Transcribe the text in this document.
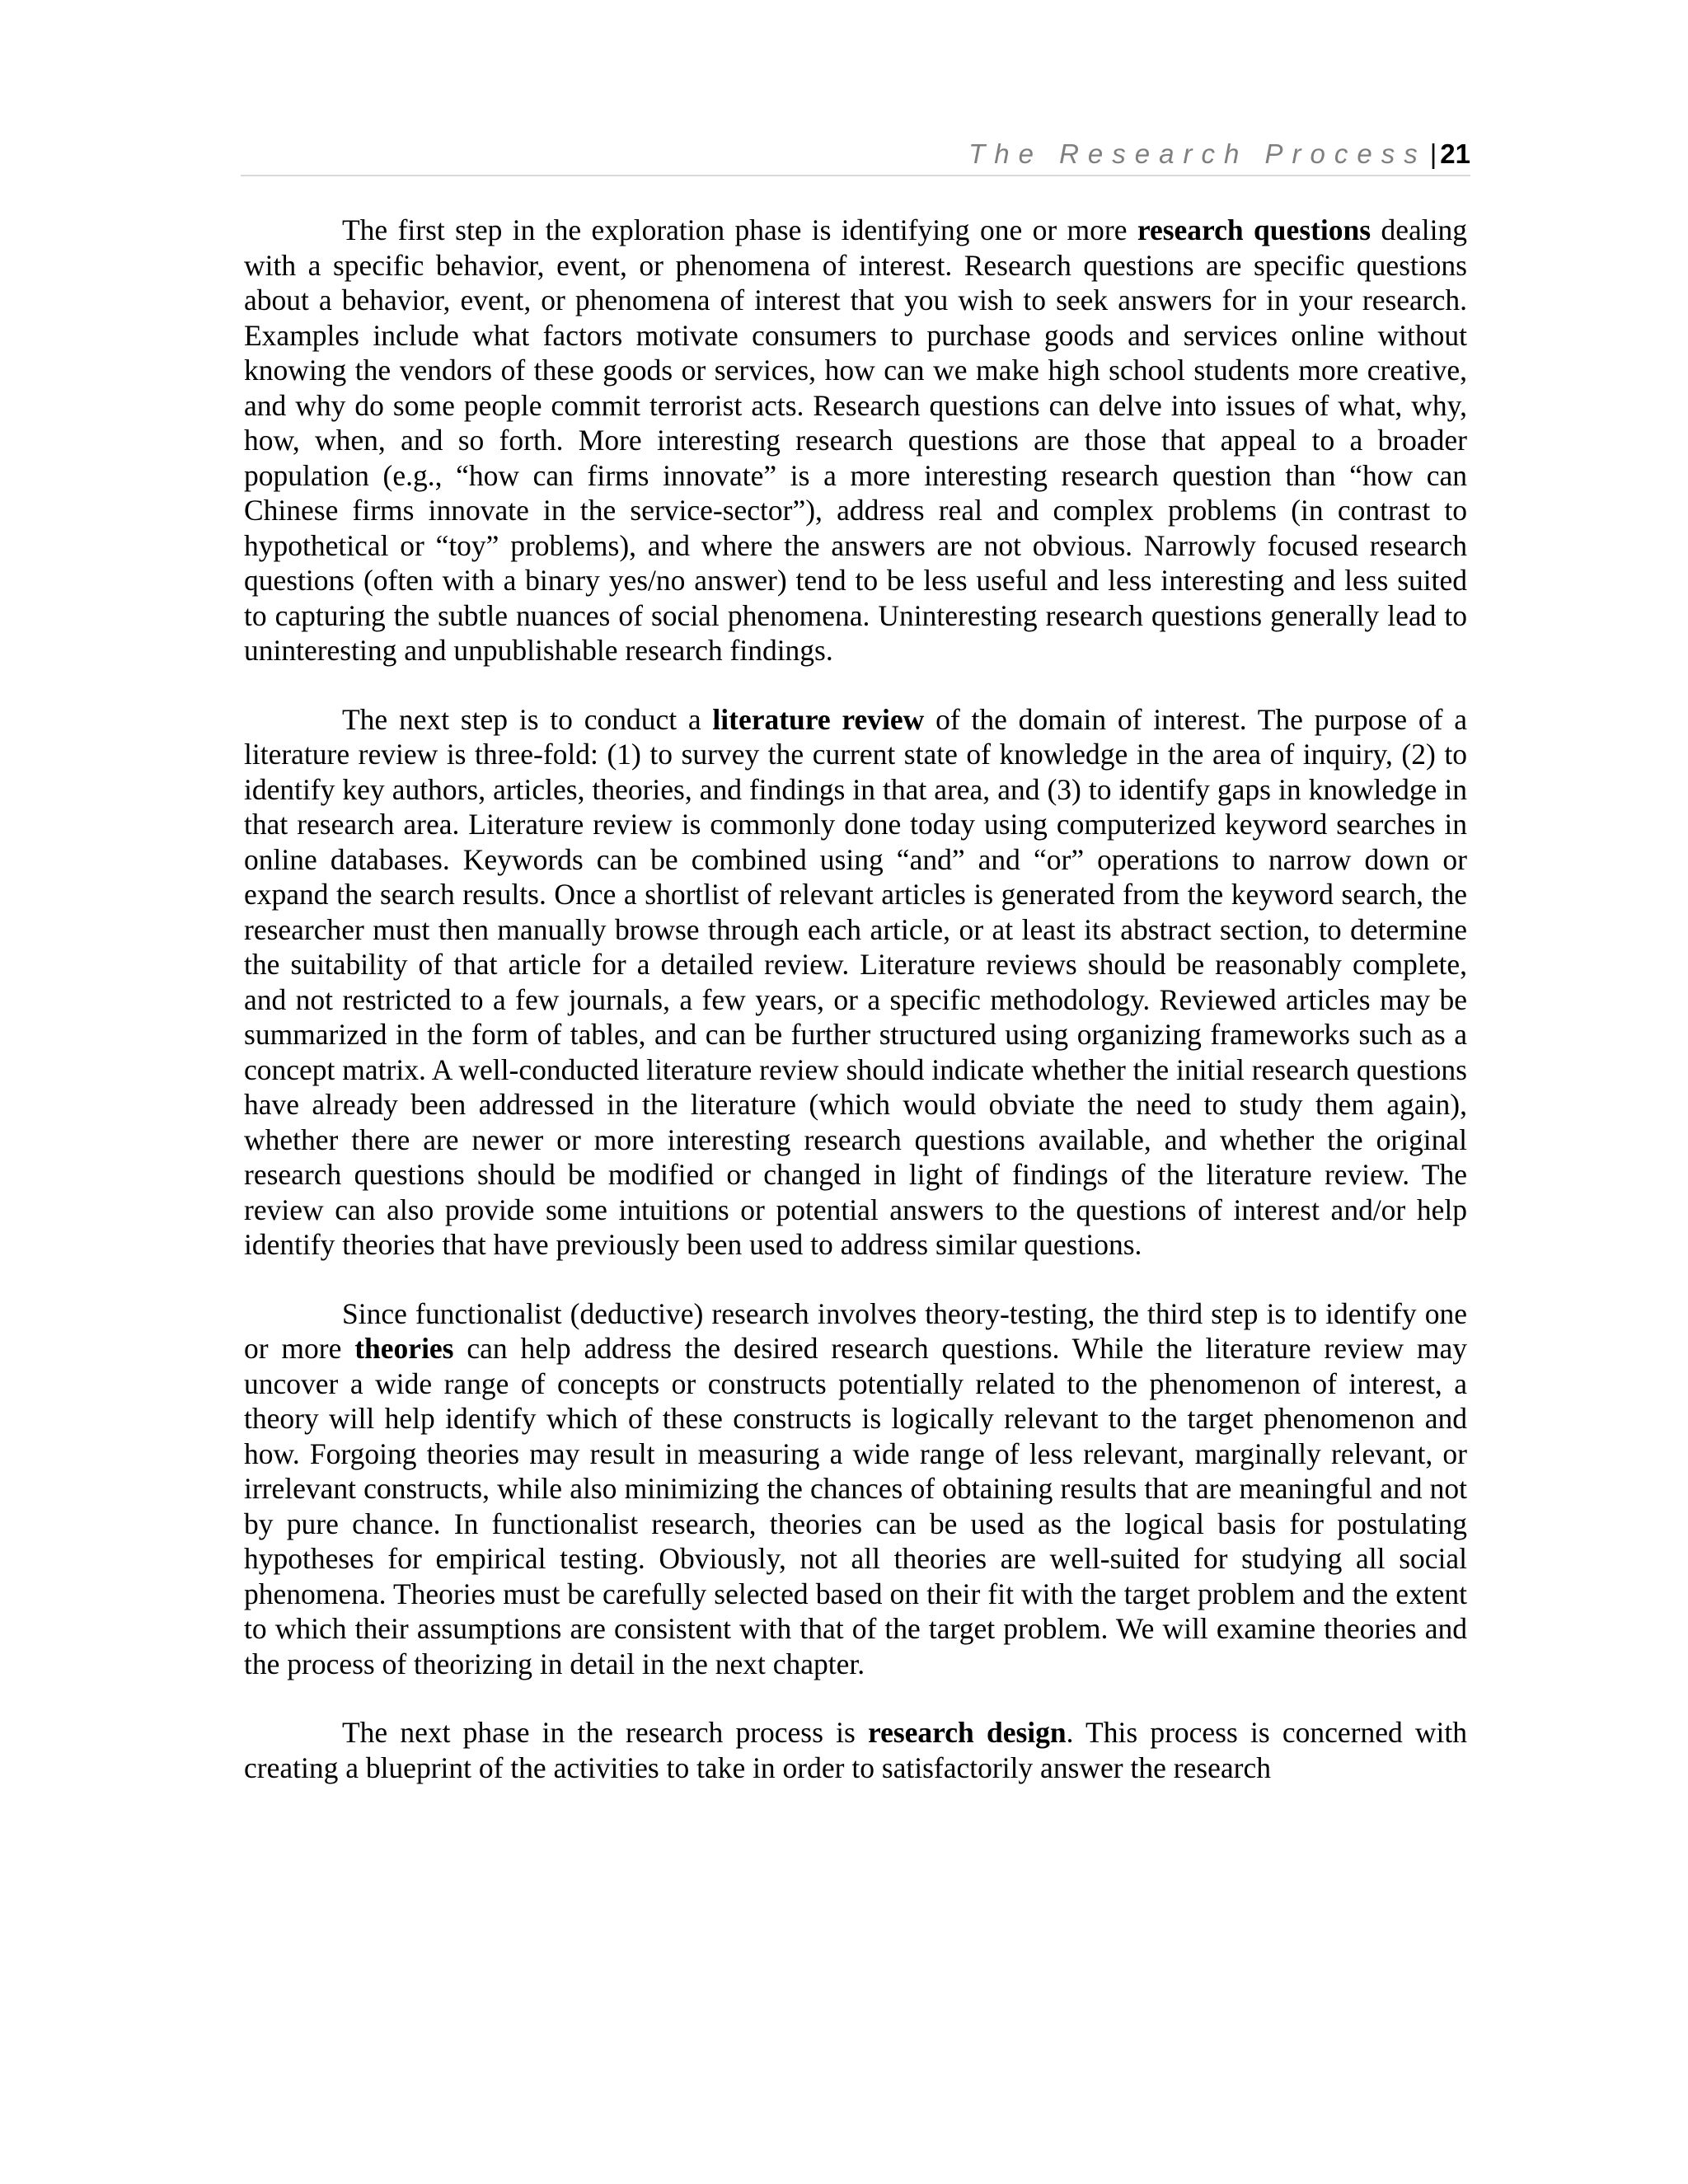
The Research Process | 21

The first step in the exploration phase is identifying one or more research questions dealing with a specific behavior, event, or phenomena of interest. Research questions are specific questions about a behavior, event, or phenomena of interest that you wish to seek answers for in your research. Examples include what factors motivate consumers to purchase goods and services online without knowing the vendors of these goods or services, how can we make high school students more creative, and why do some people commit terrorist acts. Research questions can delve into issues of what, why, how, when, and so forth. More interesting research questions are those that appeal to a broader population (e.g., “how can firms innovate” is a more interesting research question than “how can Chinese firms innovate in the service-sector”), address real and complex problems (in contrast to hypothetical or “toy” problems), and where the answers are not obvious. Narrowly focused research questions (often with a binary yes/no answer) tend to be less useful and less interesting and less suited to capturing the subtle nuances of social phenomena. Uninteresting research questions generally lead to uninteresting and unpublishable research findings.

The next step is to conduct a literature review of the domain of interest. The purpose of a literature review is three-fold: (1) to survey the current state of knowledge in the area of inquiry, (2) to identify key authors, articles, theories, and findings in that area, and (3) to identify gaps in knowledge in that research area. Literature review is commonly done today using computerized keyword searches in online databases. Keywords can be combined using “and” and “or” operations to narrow down or expand the search results. Once a shortlist of relevant articles is generated from the keyword search, the researcher must then manually browse through each article, or at least its abstract section, to determine the suitability of that article for a detailed review. Literature reviews should be reasonably complete, and not restricted to a few journals, a few years, or a specific methodology. Reviewed articles may be summarized in the form of tables, and can be further structured using organizing frameworks such as a concept matrix. A well-conducted literature review should indicate whether the initial research questions have already been addressed in the literature (which would obviate the need to study them again), whether there are newer or more interesting research questions available, and whether the original research questions should be modified or changed in light of findings of the literature review. The review can also provide some intuitions or potential answers to the questions of interest and/or help identify theories that have previously been used to address similar questions.

Since functionalist (deductive) research involves theory-testing, the third step is to identify one or more theories can help address the desired research questions. While the literature review may uncover a wide range of concepts or constructs potentially related to the phenomenon of interest, a theory will help identify which of these constructs is logically relevant to the target phenomenon and how. Forgoing theories may result in measuring a wide range of less relevant, marginally relevant, or irrelevant constructs, while also minimizing the chances of obtaining results that are meaningful and not by pure chance. In functionalist research, theories can be used as the logical basis for postulating hypotheses for empirical testing. Obviously, not all theories are well-suited for studying all social phenomena. Theories must be carefully selected based on their fit with the target problem and the extent to which their assumptions are consistent with that of the target problem. We will examine theories and the process of theorizing in detail in the next chapter.

The next phase in the research process is research design. This process is concerned with creating a blueprint of the activities to take in order to satisfactorily answer the research
